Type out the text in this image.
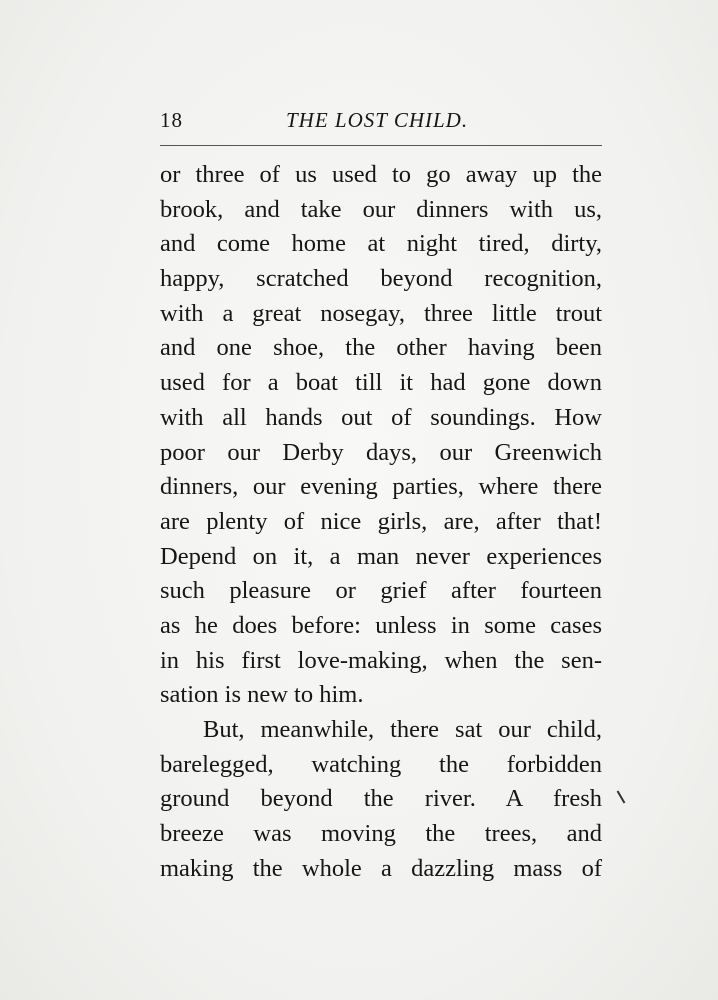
18	THE LOST CHILD.
or three of us used to go away up the
brook, and take our dinners with us,
and come home at night tired, dirty,
happy, scratched beyond recognition,
with a great nosegay, three little trout
and one shoe, the other having been
used for a boat till it had gone down
with all hands out of soundings. How
poor our Derby days, our Greenwich
dinners, our evening parties, where there
are plenty of nice girls, are, after that!
Depend on it, a man never experiences
such pleasure or grief after fourteen
as he does before: unless in some cases
in his first love-making, when the sen-
sation is new to him.
But, meanwhile, there sat our child,
barelegged, watching the forbidden
ground beyond the river. A fresh
breeze was moving the trees, and
making the whole a dazzling mass of
